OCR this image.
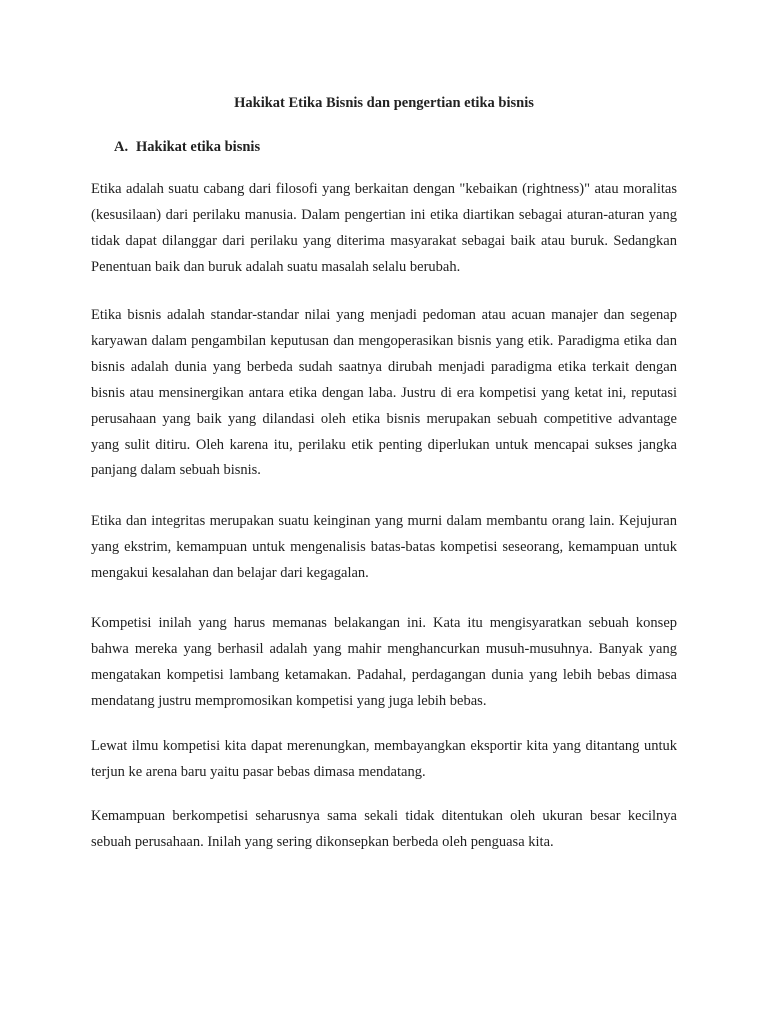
Hakikat Etika Bisnis dan pengertian etika bisnis
A. Hakikat etika bisnis

Etika adalah suatu cabang dari filosofi yang berkaitan dengan "kebaikan (rightness)" atau moralitas (kesusilaan) dari perilaku manusia. Dalam pengertian ini etika diartikan sebagai aturan-aturan yang tidak dapat dilanggar dari perilaku yang diterima masyarakat sebagai baik atau buruk. Sedangkan Penentuan baik dan buruk adalah suatu masalah selalu berubah.

Etika bisnis adalah standar-standar nilai yang menjadi pedoman atau acuan manajer dan segenap karyawan dalam pengambilan keputusan dan mengoperasikan bisnis yang etik. Paradigma etika dan bisnis adalah dunia yang berbeda sudah saatnya dirubah menjadi paradigma etika terkait dengan bisnis atau mensinergikan antara etika dengan laba. Justru di era kompetisi yang ketat ini, reputasi perusahaan yang baik yang dilandasi oleh etika bisnis merupakan sebuah competitive advantage yang sulit ditiru. Oleh karena itu, perilaku etik penting diperlukan untuk mencapai sukses jangka panjang dalam sebuah bisnis.

Etika dan integritas merupakan suatu keinginan yang murni dalam membantu orang lain. Kejujuran yang ekstrim, kemampuan untuk mengenalisis batas-batas kompetisi seseorang, kemampuan untuk mengakui kesalahan dan belajar dari kegagalan.

Kompetisi inilah yang harus memanas belakangan ini. Kata itu mengisyaratkan sebuah konsep bahwa mereka yang berhasil adalah yang mahir menghancurkan musuh-musuhnya. Banyak yang mengatakan kompetisi lambang ketamakan. Padahal, perdagangan dunia yang lebih bebas dimasa mendatang justru mempromosikan kompetisi yang juga lebih bebas.

Lewat ilmu kompetisi kita dapat merenungkan, membayangkan eksportir kita yang ditantang untuk terjun ke arena baru yaitu pasar bebas dimasa mendatang.

Kemampuan berkompetisi seharusnya sama sekali tidak ditentukan oleh ukuran besar kecilnya sebuah perusahaan. Inilah yang sering dikonsepkan berbeda oleh penguasa kita.
